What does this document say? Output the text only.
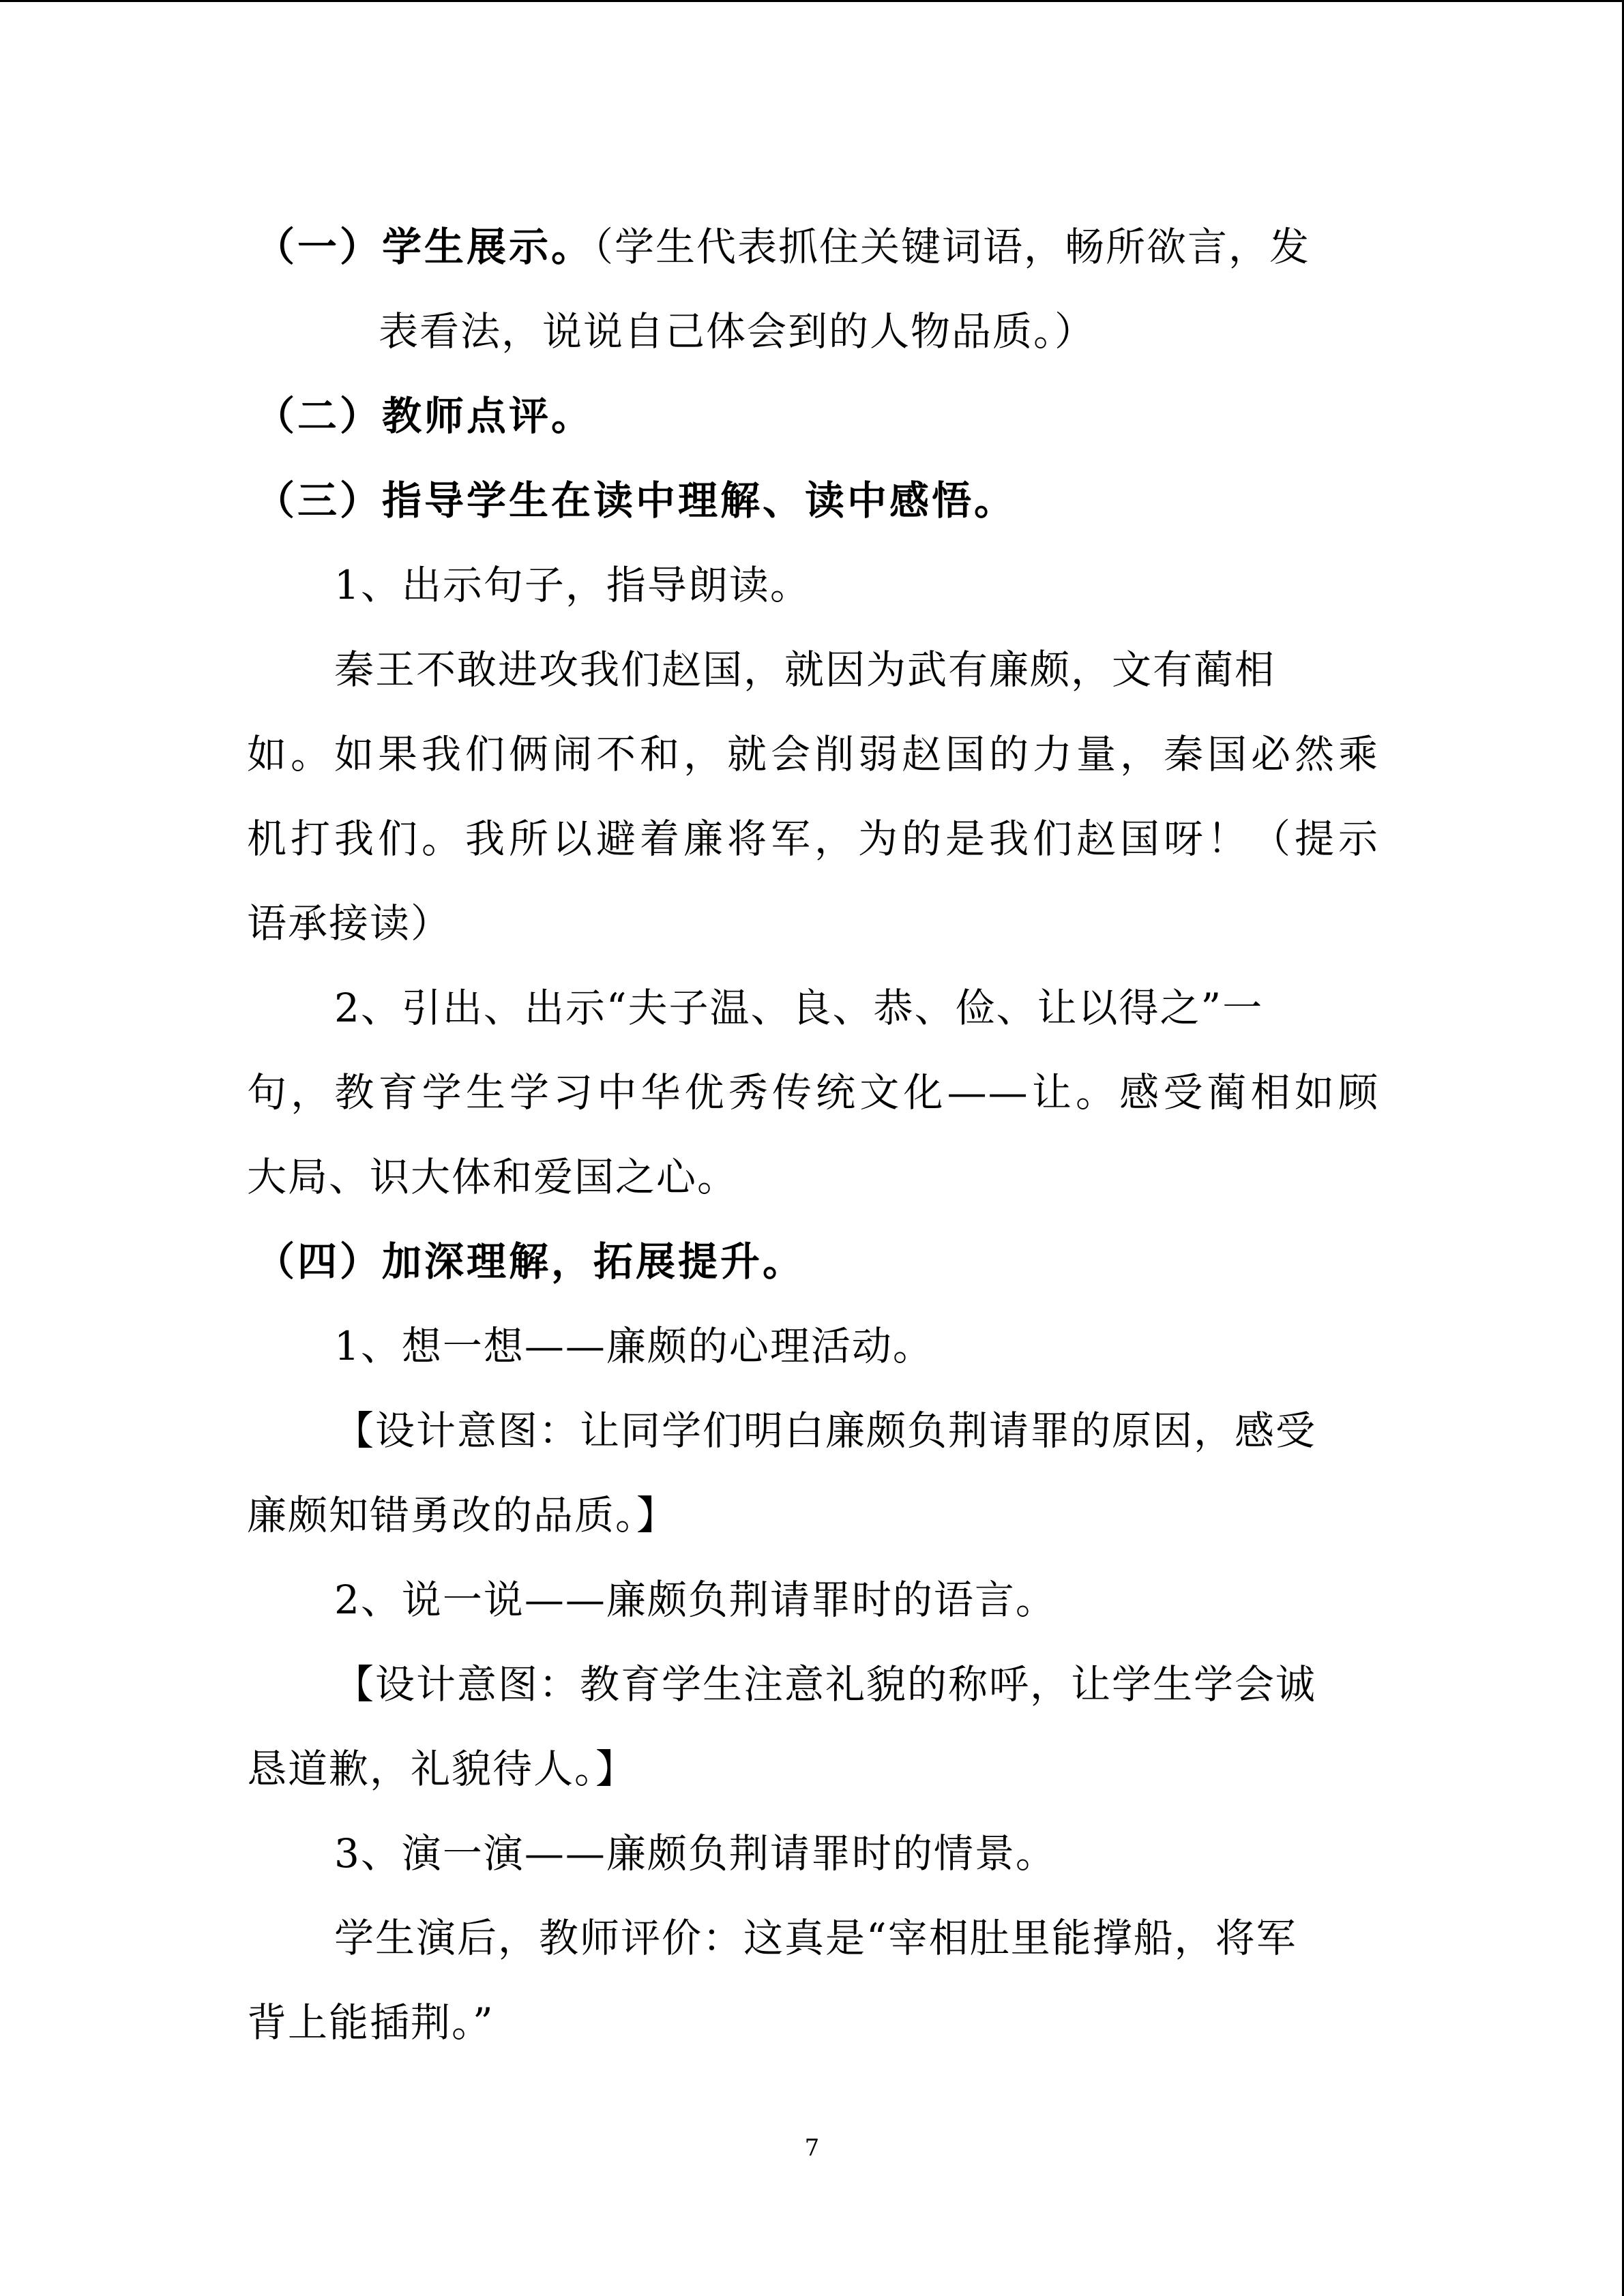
（一）学生展示。（学生代表抓住关键词语，畅所欲言，发
表看法，说说自己体会到的人物品质。）
（二）教师点评。
（三）指导学生在读中理解、读中感悟。
1、出示句子，指导朗读。
秦王不敢进攻我们赵国，就因为武有廉颇，文有蔺相
如。如果我们俩闹不和，就会削弱赵国的力量，秦国必然乘
机打我们。我所以避着廉将军，为的是我们赵国呀！（提示
语承接读）
2、引出、出示“夫子温、良、恭、俭、让以得之”一
句，教育学生学习中华优秀传统文化——让。感受蔺相如顾
大局、识大体和爱国之心。
（四）加深理解，拓展提升。
1、想一想——廉颇的心理活动。
【设计意图：让同学们明白廉颇负荆请罪的原因，感受
廉颇知错勇改的品质。】
2、说一说——廉颇负荆请罪时的语言。
【设计意图：教育学生注意礼貌的称呼，让学生学会诚
恳道歉，礼貌待人。】
3、演一演——廉颇负荆请罪时的情景。
学生演后，教师评价：这真是“宰相肚里能撑船，将军
背上能插荆。”
7
